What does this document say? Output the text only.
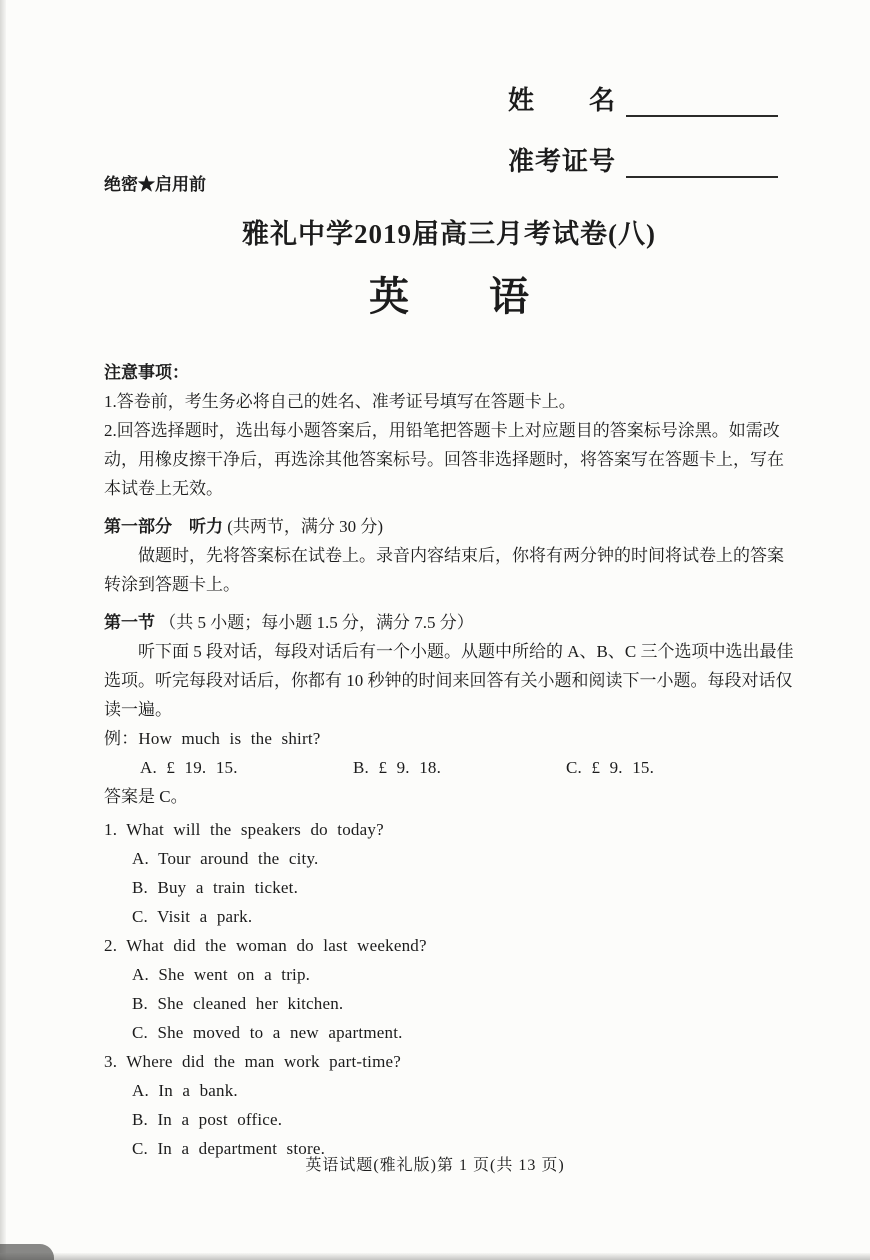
姓　　名
准考证号
绝密★启用前
雅礼中学2019届高三月考试卷(八)
英　　语
注意事项：
1.答卷前，考生务必将自己的姓名、准考证号填写在答题卡上。
2.回答选择题时，选出每小题答案后，用铅笔把答题卡上对应题目的答案标号涂黑。如需改动，用橡皮擦干净后，再选涂其他答案标号。回答非选择题时，将答案写在答题卡上，写在本试卷上无效。
第一部分　听力 (共两节，满分 30 分)
做题时，先将答案标在试卷上。录音内容结束后，你将有两分钟的时间将试卷上的答案转涂到答题卡上。
第一节 （共 5 小题；每小题 1.5 分，满分 7.5 分）
听下面 5 段对话，每段对话后有一个小题。从题中所给的 A、B、C 三个选项中选出最佳选项。听完每段对话后，你都有 10 秒钟的时间来回答有关小题和阅读下一小题。每段对话仅读一遍。
例：How much is the shirt?
A. £ 19. 15.	B. £ 9. 18.	C. £ 9. 15.
答案是 C。
1. What will the speakers do today?
A. Tour around the city.
B. Buy a train ticket.
C. Visit a park.
2. What did the woman do last weekend?
A. She went on a trip.
B. She cleaned her kitchen.
C. She moved to a new apartment.
3. Where did the man work part-time?
A. In a bank.
B. In a post office.
C. In a department store.
英语试题(雅礼版)第 1 页(共 13 页)
